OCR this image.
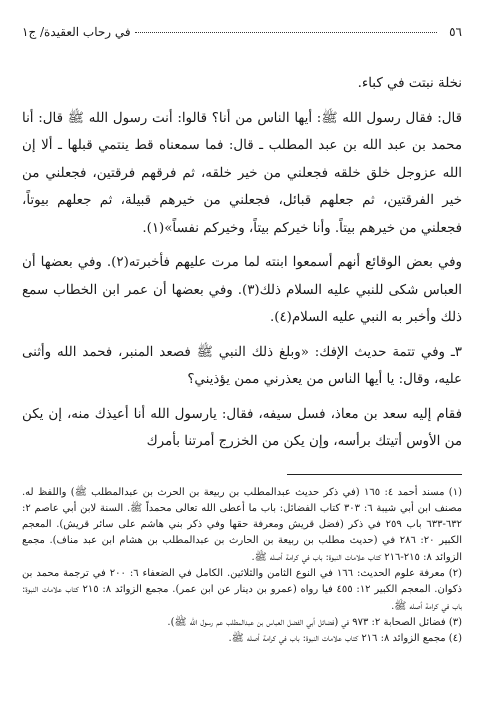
٥٦
في رحاب العقيدة/ ج١

نخلة نبتت في كباء.

قال: فقال رسول الله ﷺ: أيها الناس من أنا؟ قالوا: أنت رسول الله ﷺ قال: أنا محمد بن عبد الله بن عبد المطلب ـ قال: فما سمعناه قط ينتمي قبلها ـ ألا إن الله عزوجل خلق خلقه فجعلني من خير خلقه، ثم فرقهم فرقتين، فجعلني من خير الفرقتين، ثم جعلهم قبائل، فجعلني من خيرهم قبيلة، ثم جعلهم بيوتاً، فجعلني من خيرهم بيتاً. وأنا خيركم بيتاً، وخيركم نفساً»(١).

وفي بعض الوقائع أنهم أسمعوا ابنته لما مرت عليهم فأخبرته(٢). وفي بعضها أن العباس شكى للنبي عليه السلام ذلك(٣). وفي بعضها أن عمر ابن الخطاب سمع ذلك وأخبر به النبي عليه السلام(٤).

٣ـ وفي تتمة حديث الإفك: «وبلغ ذلك النبي ﷺ فصعد المنبر، فحمد الله وأثنى عليه، وقال: يا أيها الناس من يعذرني ممن يؤذيني؟

فقام إليه سعد بن معاذ، فسل سيفه، فقال: يارسول الله أنا أعيذك منه، إن يكن من الأوس أتيتك برأسه، وإن يكن من الخزرج أمرتنا بأمرك

(١) مسند أحمد ٤: ١٦٥ (في ذكر حديث عبدالمطلب بن ربيعة بن الحرث بن عبدالمطلب ﷺ) واللفظ له. مصنف ابن أبي شيبة ٦: ٣٠٣ كتاب الفضائل: باب ما أعطى الله تعالى محمداً ﷺ. السنة لابن أبي عاصم ٢: ٦٣٢-٦٣٣ باب ٢٥٩ في ذكر (فضل قريش ومعرفة حقها وفي ذكر بني هاشم على سائر قريش). المعجم الكبير ٢٠: ٢٨٦ في (حديث مطلب بن ربيعة بن الحارث بن عبدالمطلب بن هشام ابن عبد مناف). مجمع الزوائد ٨: ٢١٥-٢١٦ كتاب علامات النبوة: باب في كرامة أصله ﷺ.

(٢) معرفة علوم الحديث: ١٦٦ في النوع الثامن والثلاثين. الكامل في الضعفاء ٦: ٢٠٠ في ترجمة محمد بن ذكوان. المعجم الكبير ١٢: ٤٥٥ فيا رواه (عمرو بن دينار عن ابن عمر). مجمع الزوائد ٨: ٢١٥ كتاب علامات النبوة: باب في كرامة أصله ﷺ.

(٣) فضائل الصحابة ٢: ٩٧٣ في (فضائل أبي الفضل العباس بن عبدالمطلب عم رسول الله ﷺ).

(٤) مجمع الزوائد ٨: ٢١٦ كتاب علامات النبوة: باب في كرامة أصله ﷺ.
